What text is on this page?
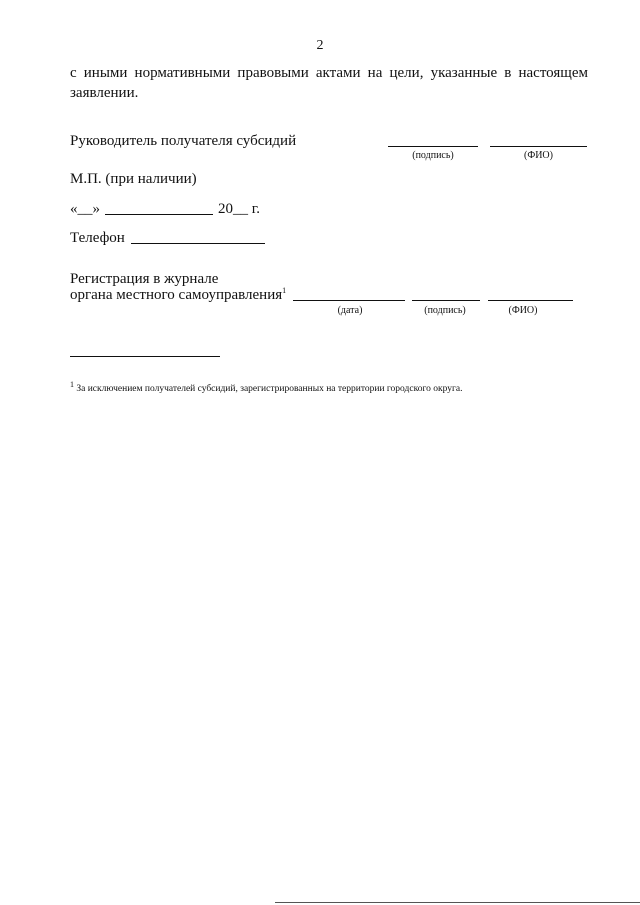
2
с иными нормативными правовыми актами на цели, указанные в настоящем
заявлении.
Руководитель получателя субсидий
(подпись)	(ФИО)
М.П. (при наличии)
«__»	20__ г.
Телефон
Регистрация в журнале
органа местного самоуправления$^1$
(дата)	(подпись)	(ФИО)
$^1$ За исключением получателей субсидий, зарегистрированных на территории городского округа.
